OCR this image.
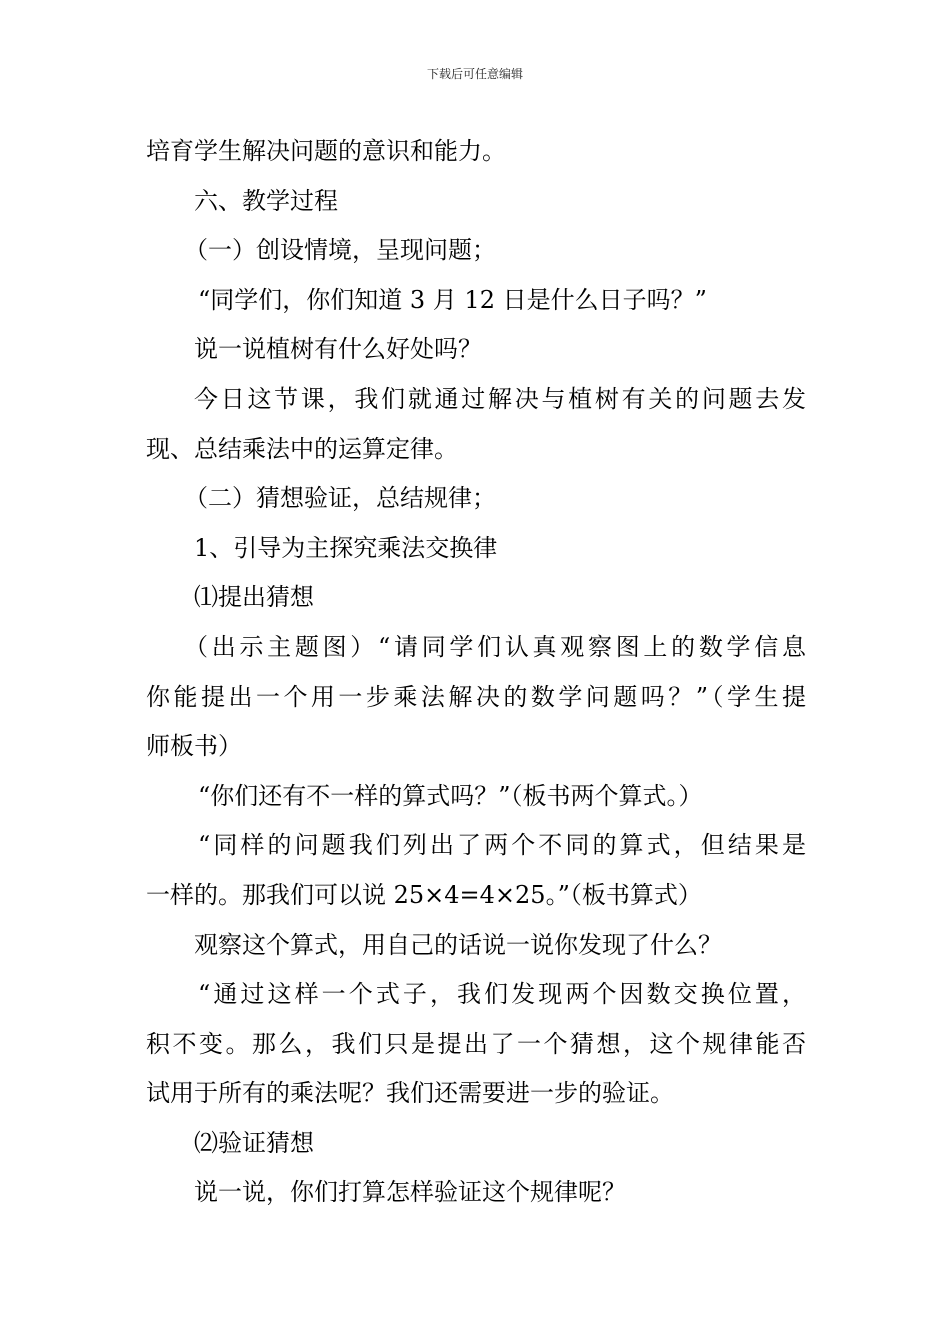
下载后可任意编辑
培育学生解决问题的意识和能力。
六、教学过程
（一）创设情境，呈现问题；
“同学们，你们知道 3 月 12 日是什么日子吗？”
说一说植树有什么好处吗？
今日这节课，我们就通过解决与植树有关的问题去发
现、总结乘法中的运算定律。
（二）猜想验证，总结规律；
1、引导为主探究乘法交换律
⑴提出猜想
（出示主题图）“请同学们认真观察图上的数学信息
你能提出一个用一步乘法解决的数学问题吗？”（学生提
师板书）
“你们还有不一样的算式吗？”（板书两个算式。）
“同样的问题我们列出了两个不同的算式，但结果是
一样的。那我们可以说 25×4=4×25。”（板书算式）
观察这个算式，用自己的话说一说你发现了什么？
“通过这样一个式子，我们发现两个因数交换位置，
积不变。那么，我们只是提出了一个猜想，这个规律能否
试用于所有的乘法呢？我们还需要进一步的验证。
⑵验证猜想
说一说，你们打算怎样验证这个规律呢？
